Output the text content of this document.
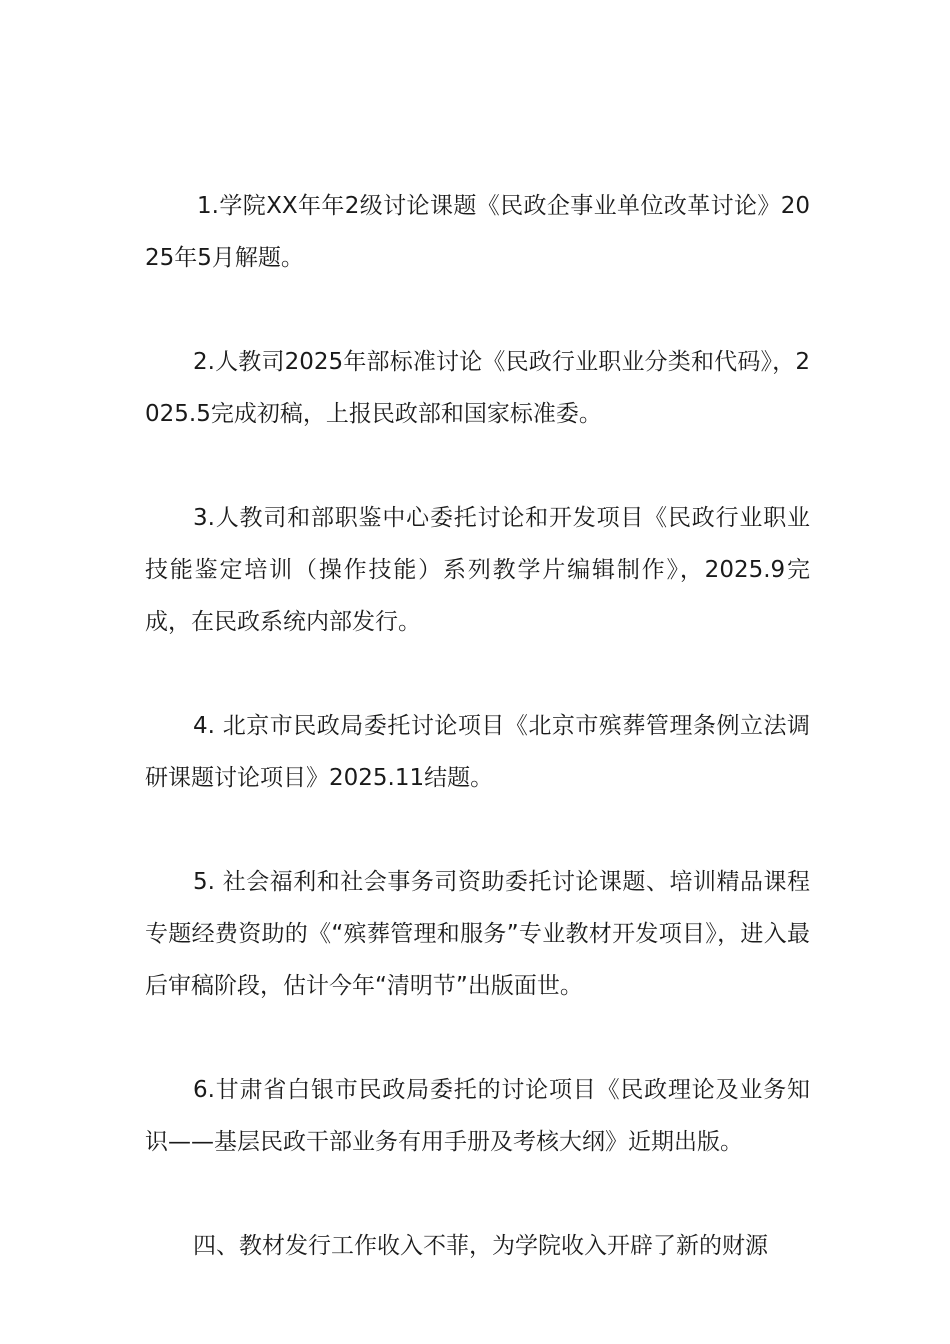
1.学院XX年年2级讨论课题《民政企事业单位改革讨论》2025年5月解题。

2.人教司2025年部标准讨论《民政行业职业分类和代码》，2025.5完成初稿，上报民政部和国家标准委。

3.人教司和部职鉴中心委托讨论和开发项目《民政行业职业技能鉴定培训（操作技能）系列教学片编辑制作》，2025.9完成，在民政系统内部发行。

4. 北京市民政局委托讨论项目《北京市殡葬管理条例立法调研课题讨论项目》2025.11结题。

5. 社会福利和社会事务司资助委托讨论课题、培训精品课程专题经费资助的《“殡葬管理和服务”专业教材开发项目》，进入最后审稿阶段，估计今年“清明节”出版面世。

6.甘肃省白银市民政局委托的讨论项目《民政理论及业务知识——基层民政干部业务有用手册及考核大纲》近期出版。

四、教材发行工作收入不菲，为学院收入开辟了新的财源
